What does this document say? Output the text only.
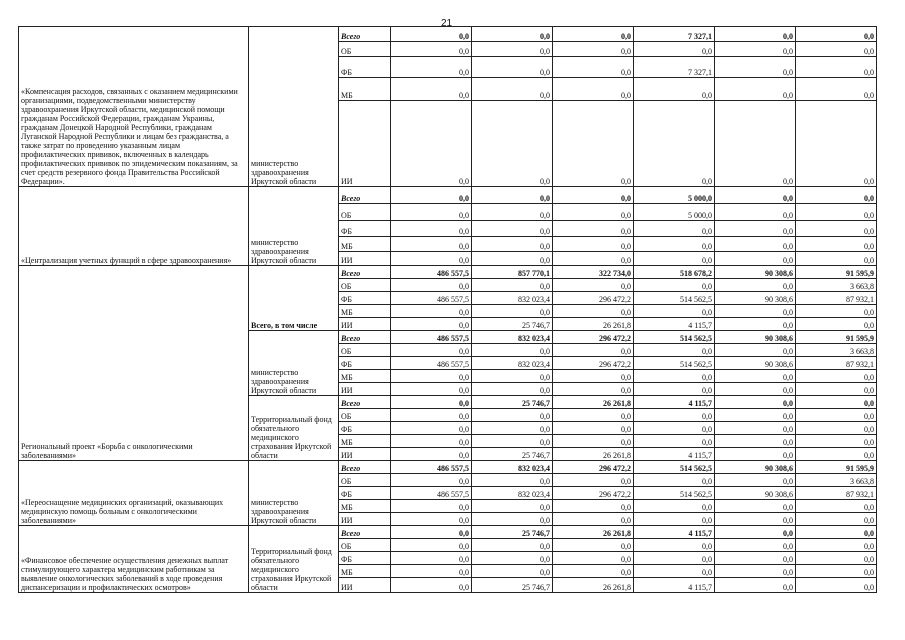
21
«Компенсация расходов, связанных с оказанием медицинскими организациями, подведомственными министерству здравоохранения Иркутской области, медицинской помощи гражданам Российской Федерации, гражданам Украины, гражданам Донецкой Народной Республики, гражданам Луганской Народной Республики и лицам без гражданства, а также затрат по проведению указанным лицам профилактических прививок, включенных в календарь профилактических прививок по эпидемическим показаниям, за счет средств резервного фонда Правительства Российской Федерации».	министерство здравоохранения Иркутской области	Всего	0,0	0,0	0,0	7 327,1	0,0	0,0
		ОБ	0,0	0,0	0,0	0,0	0,0	0,0
		ФБ	0,0	0,0	0,0	7 327,1	0,0	0,0
		МБ	0,0	0,0	0,0	0,0	0,0	0,0
		ИИ	0,0	0,0	0,0	0,0	0,0	0,0
«Централизация учетных функций в сфере здравоохранения»	министерство здравоохранения Иркутской области	Всего	0,0	0,0	0,0	5 000,0	0,0	0,0
		ОБ	0,0	0,0	0,0	5 000,0	0,0	0,0
		ФБ	0,0	0,0	0,0	0,0	0,0	0,0
		МБ	0,0	0,0	0,0	0,0	0,0	0,0
		ИИ	0,0	0,0	0,0	0,0	0,0	0,0
Региональный проект «Борьба с онкологическими заболеваниями»	Всего, в том числе	Всего	486 557,5	857 770,1	322 734,0	518 678,2	90 308,6	91 595,9
		ОБ	0,0	0,0	0,0	0,0	0,0	3 663,8
		ФБ	486 557,5	832 023,4	296 472,2	514 562,5	90 308,6	87 932,1
		МБ	0,0	0,0	0,0	0,0	0,0	0,0
		ИИ	0,0	25 746,7	26 261,8	4 115,7	0,0	0,0
	министерство здравоохранения Иркутской области	Всего	486 557,5	832 023,4	296 472,2	514 562,5	90 308,6	91 595,9
		ОБ	0,0	0,0	0,0	0,0	0,0	3 663,8
		ФБ	486 557,5	832 023,4	296 472,2	514 562,5	90 308,6	87 932,1
		МБ	0,0	0,0	0,0	0,0	0,0	0,0
		ИИ	0,0	0,0	0,0	0,0	0,0	0,0
	Территориальный фонд обязательного медицинского страхования Иркутской области	Всего	0,0	25 746,7	26 261,8	4 115,7	0,0	0,0
		ОБ	0,0	0,0	0,0	0,0	0,0	0,0
		ФБ	0,0	0,0	0,0	0,0	0,0	0,0
		МБ	0,0	0,0	0,0	0,0	0,0	0,0
		ИИ	0,0	25 746,7	26 261,8	4 115,7	0,0	0,0
«Переоснащение медицинских организаций, оказывающих медицинскую помощь больным с онкологическими заболеваниями»	министерство здравоохранения Иркутской области	Всего	486 557,5	832 023,4	296 472,2	514 562,5	90 308,6	91 595,9
		ОБ	0,0	0,0	0,0	0,0	0,0	3 663,8
		ФБ	486 557,5	832 023,4	296 472,2	514 562,5	90 308,6	87 932,1
		МБ	0,0	0,0	0,0	0,0	0,0	0,0
		ИИ	0,0	0,0	0,0	0,0	0,0	0,0
«Финансовое обеспечение осуществления денежных выплат стимулирующего характера медицинским работникам за выявление онкологических заболеваний в ходе проведения диспансеризации и профилактических осмотров»	Территориальный фонд обязательного медицинского страхования Иркутской области	Всего	0,0	25 746,7	26 261,8	4 115,7	0,0	0,0
		ОБ	0,0	0,0	0,0	0,0	0,0	0,0
		ФБ	0,0	0,0	0,0	0,0	0,0	0,0
		МБ	0,0	0,0	0,0	0,0	0,0	0,0
		ИИ	0,0	25 746,7	26 261,8	4 115,7	0,0	0,0
